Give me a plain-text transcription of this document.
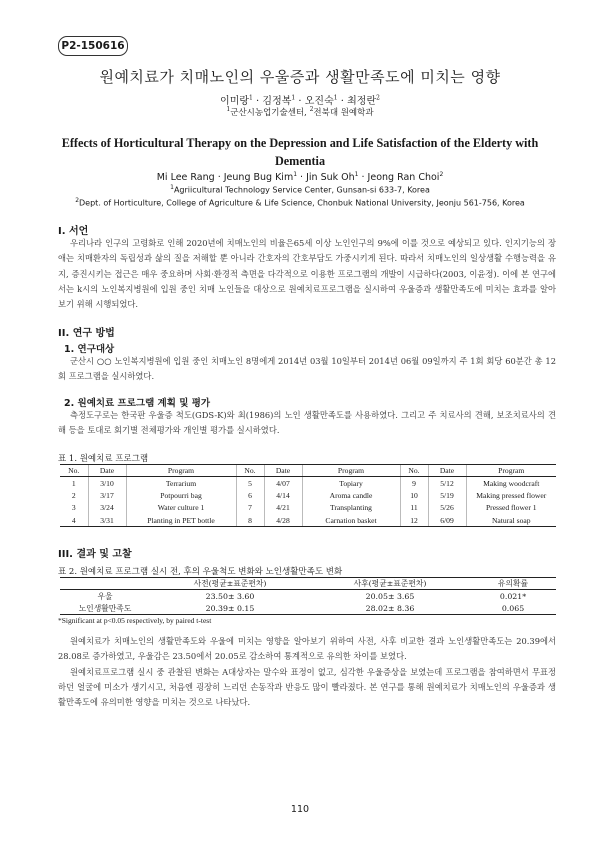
P2-150616
원예치료가 치매노인의 우울증과 생활만족도에 미치는 영향
이미랑$^1$ · 김정복$^1$ · 오진숙$^1$ · 최정란$^2$
$^1$군산시농업기술센터, $^2$전북대 원예학과
Effects of Horticultural Therapy on the Depression and Life Satisfaction of the Elderty with Dementia
Mi Lee Rang · Jeung Bug Kim$^1$ · Jin Suk $Oh^1$ · Jeong Ran Choi$^2$
$^1$Agriicultural Technology Service Center, Gunsan-si 633-7, Korea
$^2$Dept. of Horticulture, College of Agriculture & Life Science, Chonbuk National University, Jeonju 561-756, Korea
I. 서언

우리나라 인구의 고령화로 인해 2020년에 치매노인의 비율은65세 이상 노인인구의 9%에 이를 것으로 예상되고 있다. 인지기능의 장애는 치매환자의 독립성과 삶의 질을 저해할 뿐 아니라 간호자의 간호부담도 가중시키게 된다. 따라서 치매노인의 일상생활 수행능력을 유지, 증진시키는 접근은 매우 중요하며 사회·환경적 측면을 다각적으로 이용한 프로그램의 개발이 시급하다(2003, 이윤정). 이에 본 연구에서는 k시의 노인복지병원에 입원 중인 치매 노인들을 대상으로 원예치료프로그램을 실시하여 우울증과 생활만족도에 미치는 효과를 알아보기 위해 시행되었다.

II. 연구 방법
1. 연구대상

군산시 ○○ 노인복지병원에 입원 중인 치매노인 8명에게 2014년 03월 10일부터 2014년 06월 09일까지 주 1회 회당 60분간 총 12회 프로그램을 실시하였다.

2. 원예치료 프로그램 계획 및 평가

측정도구로는 한국판 우울증 척도(GDS-K)와 최(1986)의 노인 생활만족도를 사용하였다. 그리고 주 치료사의 견해, 보조치료사의 견해 등을 토대로 회기별 전체평가와 개인별 평가를 실시하였다.

표 1. 원예치료 프로그램
No.	Date	Program	No.	Date	Program	No.	Date	Program
1	3/10	Terrarium	5	4/07	Topiary	9	5/12	Making woodcraft
2	3/17	Potpourri bag	6	4/14	Aroma candle	10	5/19	Making pressed flower
3	3/24	Water culture 1	7	4/21	Transplanting	11	5/26	Pressed flower 1
4	3/31	Planting in PET bottle	8	4/28	Carnation basket	12	6/09	Natural soap
III. 결과 및 고찰
표 2. 원예치료 프로그램 실시 전, 후의 우울척도 변화와 노인생활만족도 변화
	사전(평균±표준편차)	사후(평균±표준편차)	유의확률
우울	23.50± 3.60	20.05± 3.65	0.021*
노인생활만족도	20.39± 0.15	28.02± 8.36	0.065
*Significant at p<0.05 respectively, by paired t-test

원예치료가 치매노인의 생활만족도와 우울에 미치는 영향을 알아보기 위하여 사전, 사후 비교한 결과 노인생활만족도는 20.39에서 28.08로 증가하였고, 우울감은 23.50에서 20.05로 감소하여 통계적으로 유의한 차이를 보였다.

원예치료프로그램 실시 중 관찰된 변화는 A대상자는 말수와 표정이 없고, 심각한 우울증상을 보였는데 프로그램을 참여하면서 무표정하던 얼굴에 미소가 생기시고, 처음엔 굉장히 느리던 손동작과 반응도 많이 빨라졌다. 본 연구를 통해 원예치료가 치매노인의 우울증과 생활만족도에 유의미한 영향을 미치는 것으로 나타났다.

110
